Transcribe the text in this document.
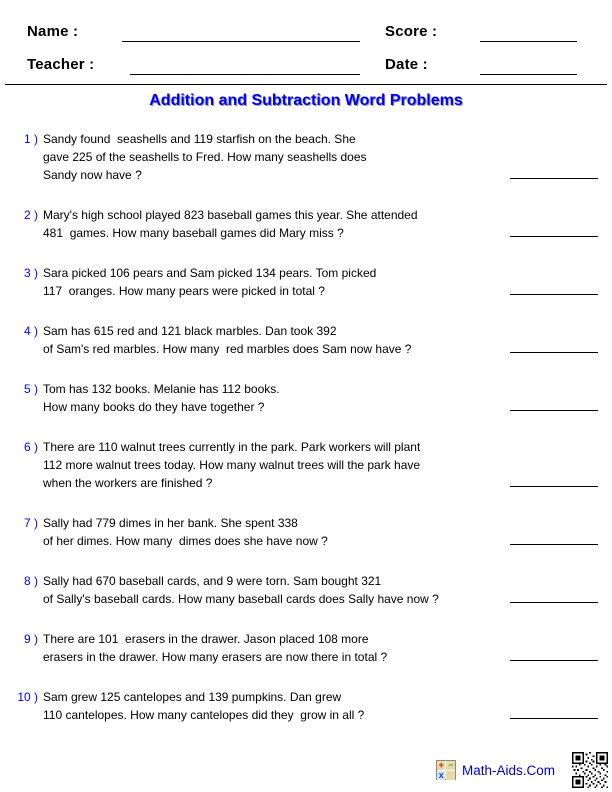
Name :	Score :
Teacher :	Date :
Addition and Subtraction Word Problems
1 ) Sandy found  seashells and 119 starfish on the beach. She
gave 225 of the seashells to Fred. How many seashells does
Sandy now have ?
2 ) Mary's high school played 823 baseball games this year. She attended
481  games. How many baseball games did Mary miss ?
3 ) Sara picked 106 pears and Sam picked 134 pears. Tom picked
117  oranges. How many pears were picked in total ?
4 ) Sam has 615 red and 121 black marbles. Dan took 392
of Sam's red marbles. How many  red marbles does Sam now have ?
5 ) Tom has 132 books. Melanie has 112 books.
How many books do they have together ?
6 ) There are 110 walnut trees currently in the park. Park workers will plant
112 more walnut trees today. How many walnut trees will the park have
when the workers are finished ?
7 ) Sally had 779 dimes in her bank. She spent 338
of her dimes. How many  dimes does she have now ?
8 ) Sally had 670 baseball cards, and 9 were torn. Sam bought 321
of Sally's baseball cards. How many baseball cards does Sally have now ?
9 ) There are 101  erasers in the drawer. Jason placed 108 more
erasers in the drawer. How many erasers are now there in total ?
10 ) Sam grew 125 cantelopes and 139 pumpkins. Dan grew
110 cantelopes. How many cantelopes did they  grow in all ?
+ −
x Math-Aids.Com
